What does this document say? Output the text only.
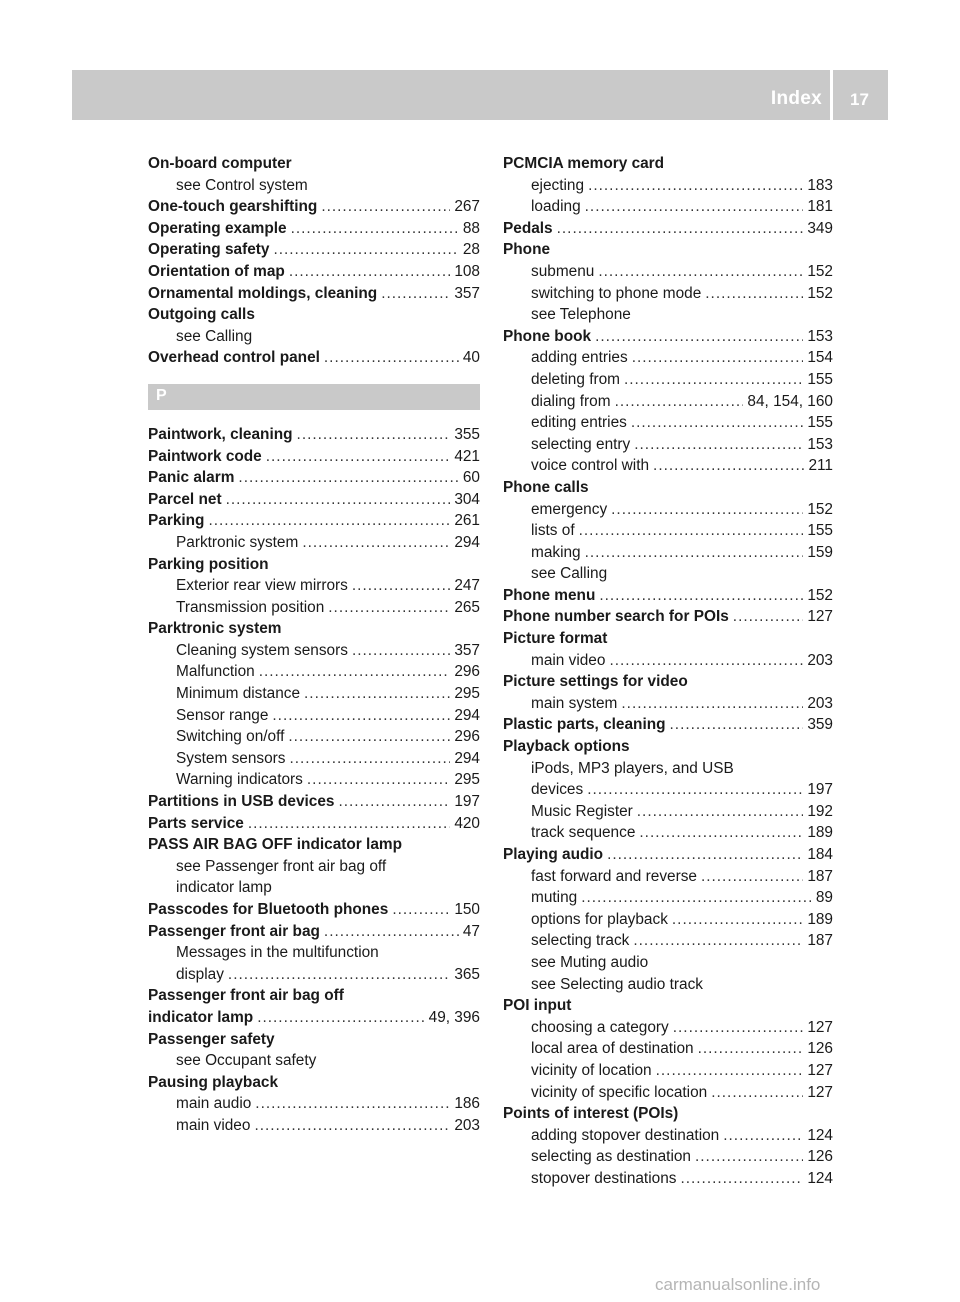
Index 17
On-board computer
see Control system
One-touch gearshifting .....	267
Operating example .....	88
Operating safety .....	28
Orientation of map .....	108
Ornamental moldings, cleaning .....	357
Outgoing calls
see Calling
Overhead control panel .....	40
P
Paintwork, cleaning .....	355
Paintwork code .....	421
Panic alarm .....	60
Parcel net .....	304
Parking .....	261
Parktronic system .....	294
Parking position
Exterior rear view mirrors .....	247
Transmission position .....	265
Parktronic system
Cleaning system sensors .....	357
Malfunction .....	296
Minimum distance .....	295
Sensor range .....	294
Switching on/off .....	296
System sensors .....	294
Warning indicators .....	295
Partitions in USB devices .....	197
Parts service .....	420
PASS AIR BAG OFF indicator lamp
see Passenger front air bag off
indicator lamp
Passcodes for Bluetooth phones .....	150
Passenger front air bag .....	47
Messages in the multifunction
display .....	365
Passenger front air bag off
indicator lamp .....	49, 396
Passenger safety
see Occupant safety
Pausing playback
main audio .....	186
main video .....	203
PCMCIA memory card
ejecting .....	183
loading .....	181
Pedals .....	349
Phone
submenu .....	152
switching to phone mode .....	152
see Telephone
Phone book .....	153
adding entries .....	154
deleting from .....	155
dialing from .....	84, 154, 160
editing entries .....	155
selecting entry .....	153
voice control with .....	211
Phone calls
emergency .....	152
lists of .....	155
making .....	159
see Calling
Phone menu .....	152
Phone number search for POIs .....	127
Picture format
main video .....	203
Picture settings for video
main system .....	203
Plastic parts, cleaning .....	359
Playback options
iPods, MP3 players, and USB
devices .....	197
Music Register .....	192
track sequence .....	189
Playing audio .....	184
fast forward and reverse .....	187
muting .....	89
options for playback .....	189
selecting track .....	187
see Muting audio
see Selecting audio track
POI input
choosing a category .....	127
local area of destination .....	126
vicinity of location .....	127
vicinity of specific location .....	127
Points of interest (POIs)
adding stopover destination .....	124
selecting as destination .....	126
stopover destinations .....	124
carmanualsonline.info
